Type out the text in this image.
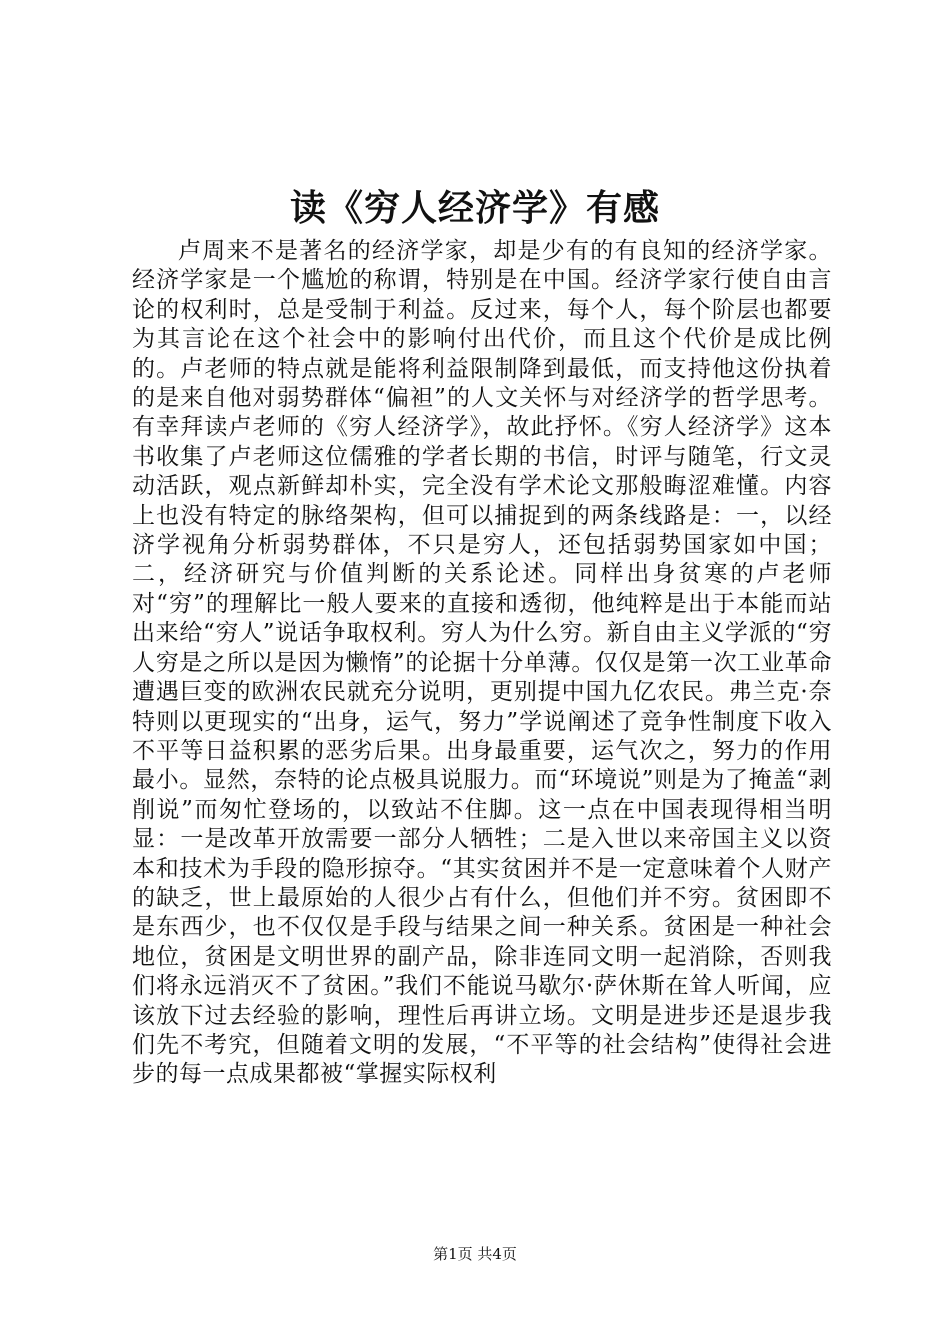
读《穷人经济学》有感

卢周来不是著名的经济学家，却是少有的有良知的经济学家。经济学家是一个尴尬的称谓，特别是在中国。经济学家行使自由言论的权利时，总是受制于利益。反过来，每个人，每个阶层也都要为其言论在这个社会中的影响付出代价，而且这个代价是成比例的。卢老师的特点就是能将利益限制降到最低，而支持他这份执着的是来自他对弱势群体“偏袒”的人文关怀与对经济学的哲学思考。有幸拜读卢老师的《穷人经济学》，故此抒怀。《穷人经济学》这本书收集了卢老师这位儒雅的学者长期的书信，时评与随笔，行文灵动活跃，观点新鲜却朴实，完全没有学术论文那般晦涩难懂。内容上也没有特定的脉络架构，但可以捕捉到的两条线路是：一，以经济学视角分析弱势群体，不只是穷人，还包括弱势国家如中国；二，经济研究与价值判断的关系论述。同样出身贫寒的卢老师对“穷”的理解比一般人要来的直接和透彻，他纯粹是出于本能而站出来给“穷人”说话争取权利。穷人为什么穷。新自由主义学派的“穷人穷是之所以是因为懒惰”的论据十分单薄。仅仅是第一次工业革命遭遇巨变的欧洲农民就充分说明，更别提中国九亿农民。弗兰克·奈特则以更现实的“出身，运气，努力”学说阐述了竞争性制度下收入不平等日益积累的恶劣后果。出身最重要，运气次之，努力的作用最小。显然，奈特的论点极具说服力。而“环境说”则是为了掩盖“剥削说”而匆忙登场的，以致站不住脚。这一点在中国表现得相当明显：一是改革开放需要一部分人牺牲；二是入世以来帝国主义以资本和技术为手段的隐形掠夺。“其实贫困并不是一定意味着个人财产的缺乏，世上最原始的人很少占有什么，但他们并不穷。贫困即不是东西少，也不仅仅是手段与结果之间一种关系。贫困是一种社会地位，贫困是文明世界的副产品，除非连同文明一起消除，否则我们将永远消灭不了贫困。”我们不能说马歇尔·萨休斯在耸人听闻，应该放下过去经验的影响，理性后再讲立场。文明是进步还是退步我们先不考究，但随着文明的发展，“不平等的社会结构”使得社会进步的每一点成果都被“掌握实际权利

第1页 共4页
